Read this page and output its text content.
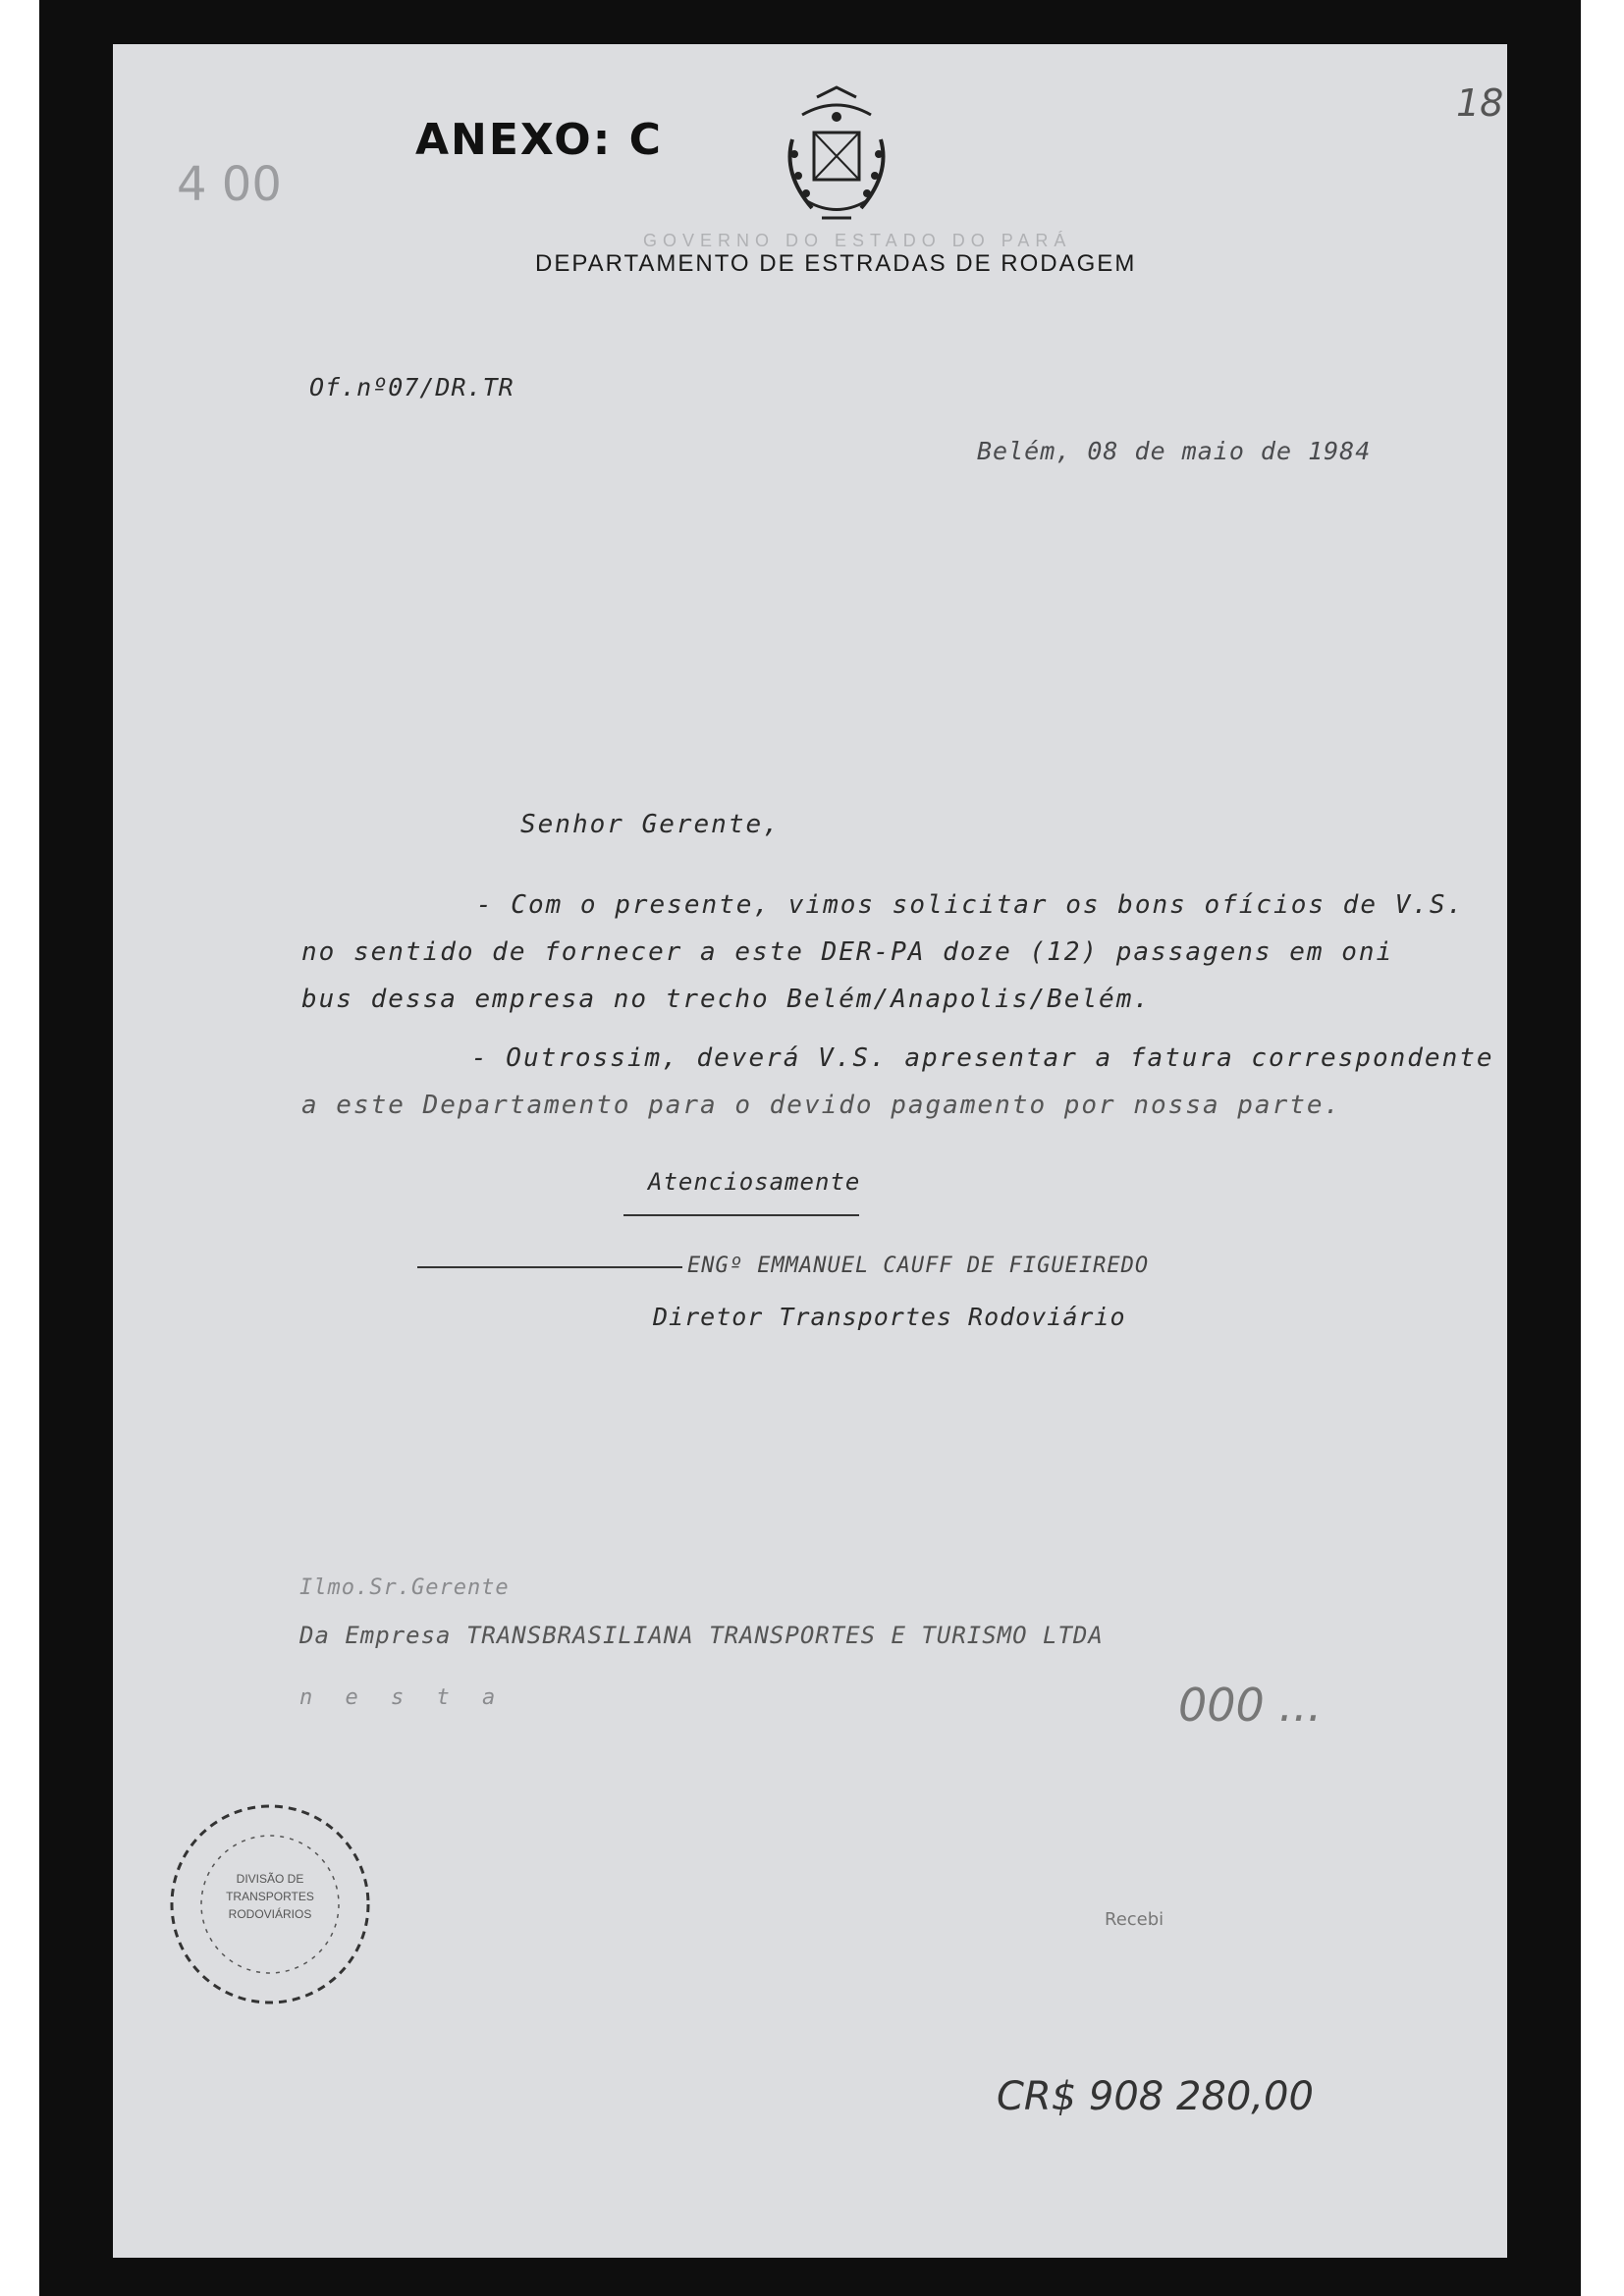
ANEXO: C
4 00
18
GOVERNO DO ESTADO DO PARÁ
DEPARTAMENTO DE ESTRADAS DE RODAGEM
Of.nº07/DR.TR
Belém, 08 de maio de 1984
Senhor Gerente,
- Com o presente, vimos solicitar os bons ofícios de V.S.
no sentido de fornecer a este DER-PA doze (12) passagens em oni
bus dessa empresa no trecho Belém/Anapolis/Belém.
- Outrossim, deverá V.S. apresentar a fatura correspondente
a este Departamento para o devido pagamento por nossa parte.
Atenciosamente
ENGº EMMANUEL CAUFF DE FIGUEIREDO
Diretor Transportes Rodoviário
Ilmo.Sr.Gerente
Da Empresa TRANSBRASILIANA TRANSPORTES E TURISMO LTDA
n e s t a	000 ...
DIVISÃO DE TRANSPORTES RODOVIÁRIOS	Recebi
CR$ 908 280,00
